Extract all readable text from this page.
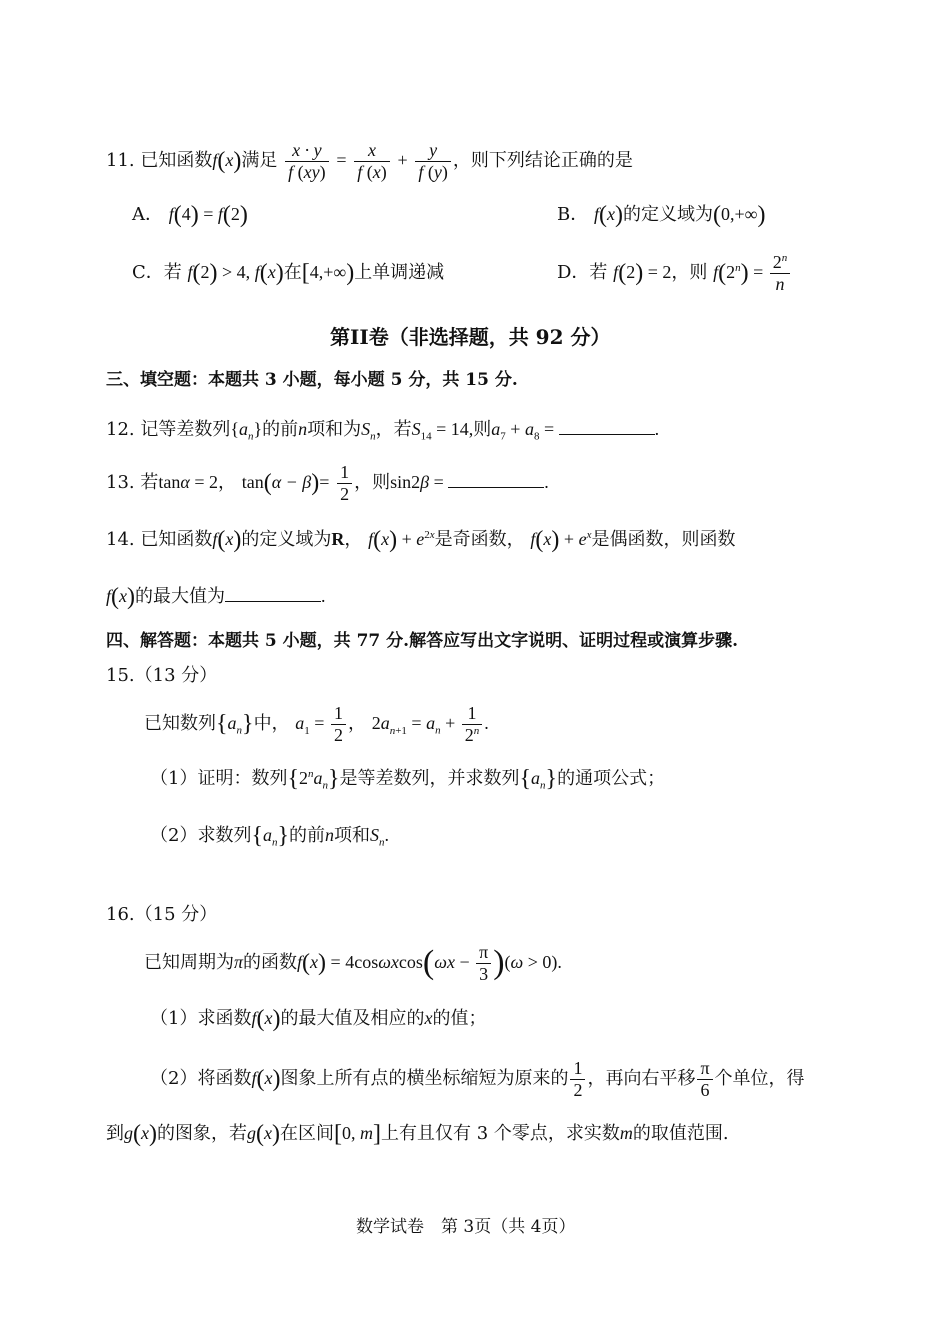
11. 已知函数f(x)满足 $\frac{x \cdot y}{f (xy)} = \frac{x}{f (x)} + \frac{y}{f (y)}$ ，则下列结论正确的是
A． f(4) = f(2)	B． f(x)的定义域为(0,+∞)
C．若 f(2) > 4, f(x)在[4,+∞)上单调递减	D．若 f(2) = 2，则 $f(2^n) = \frac{2^n}{n}$
第II卷（非选择题，共 92 分）
三、填空题：本题共 3 小题，每小题 5 分，共 15 分.
12. 记等差数列$\{a_n\}$的前n项和为$S_n$，若$S_{14} = 14$,则$a_7 + a_8$ =	.
13. 若tanα = 2， $\tan(\alpha - \beta)= \frac{1}{2}$ ，则sin2β =	.
14. 已知函数f(x)的定义域为R， $f(x) + e^{2x}$是奇函数， $f(x) + e^x$是偶函数，则函数
f(x)的最大值为	.
四、解答题：本题共 5 小题，共 77 分.解答应写出文字说明、证明过程或演算步骤.
15.（13 分）
已知数列$\{a_n\}$中， $a_1 = \frac{1}{2}$ ， $2a_{n+1} = a_n + \frac{1}{2^n}$ .
（1）证明：数列$\{2^na_n\}$是等差数列，并求数列$\{a_n\}$的通项公式；
（2）求数列$\{a_n\}$的前n项和$S_n$.
16.（15 分）
已知周期为π的函数$f(x) = 4\cos\omega xcos(\omega x - \frac{\pi}{3} )(\omega > 0)$.
（1）求函数f(x)的最大值及相应的x的值；
（2）将函数f(x)图象上所有点的横坐标缩短为原来的 $\frac{1}{2}$ ，再向右平移 $\frac{\pi}{6}$ 个单位，得
到g(x)的图象，若g(x)在区间[0, m]上有且仅有 3 个零点，求实数m的取值范围.
数学试卷　第 3页（共 4页）
